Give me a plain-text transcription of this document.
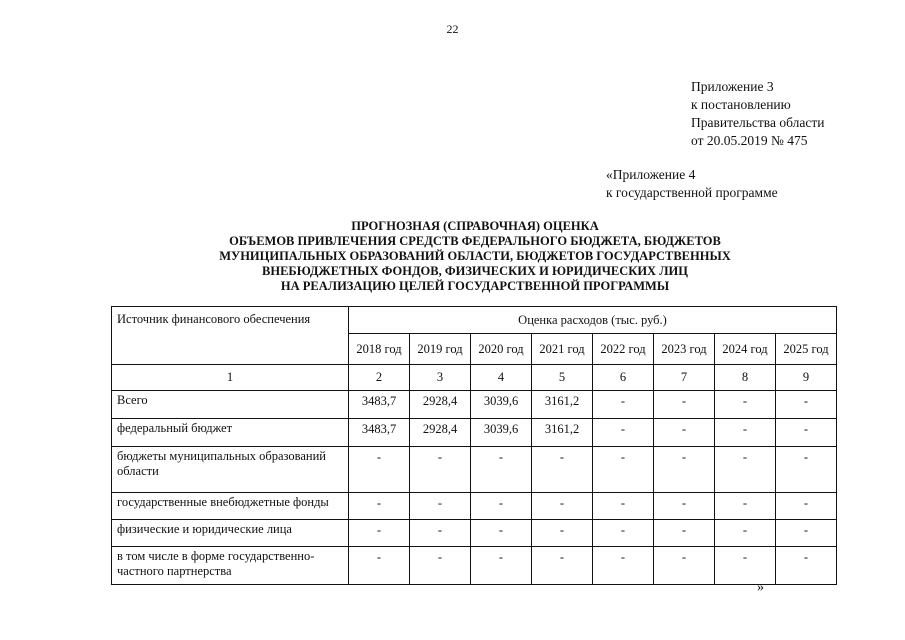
22
Приложение 3
к постановлению
Правительства области
от 20.05.2019 № 475
«Приложение 4
к государственной программе
ПРОГНОЗНАЯ (СПРАВОЧНАЯ) ОЦЕНКА
ОБЪЕМОВ ПРИВЛЕЧЕНИЯ СРЕДСТВ ФЕДЕРАЛЬНОГО БЮДЖЕТА, БЮДЖЕТОВ
МУНИЦИПАЛЬНЫХ ОБРАЗОВАНИЙ ОБЛАСТИ, БЮДЖЕТОВ ГОСУДАРСТВЕННЫХ
ВНЕБЮДЖЕТНЫХ ФОНДОВ, ФИЗИЧЕСКИХ И ЮРИДИЧЕСКИХ ЛИЦ
НА РЕАЛИЗАЦИЮ ЦЕЛЕЙ ГОСУДАРСТВЕННОЙ ПРОГРАММЫ
Источник финансового обеспечения	Оценка расходов (тыс. руб.)							
	2018 год	2019 год	2020 год	2021 год	2022 год	2023 год	2024 год	2025 год
1	2	3	4	5	6	7	8	9
Всего	3483,7	2928,4	3039,6	3161,2	-	-	-	-
федеральный бюджет	3483,7	2928,4	3039,6	3161,2	-	-	-	-
бюджеты муниципальных образований области	-	-	-	-	-	-	-	-
государственные внебюджетные фонды	-	-	-	-	-	-	-	-
физические и юридические лица	-	-	-	-	-	-	-	-
в том числе в форме государственно-частного партнерства	-	-	-	-	-	-	-	-
»
